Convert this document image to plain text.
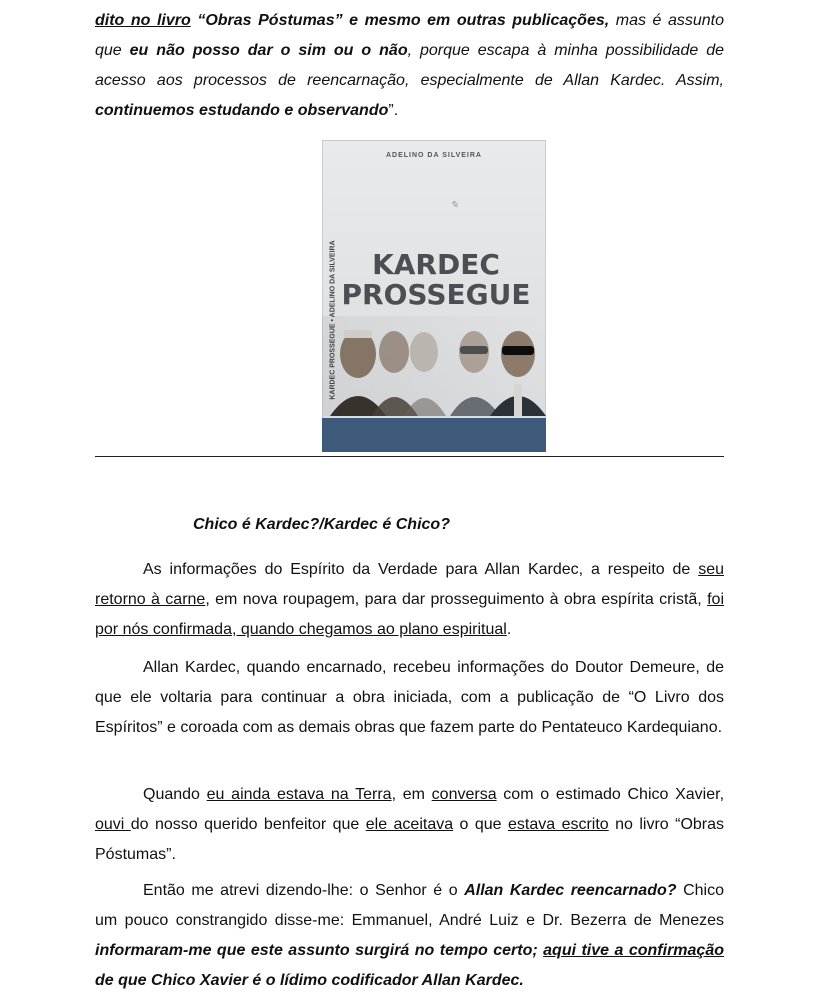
dito no livro “Obras Póstumas” e mesmo em outras publicações, mas é assunto que eu não posso dar o sim ou o não, porque escapa à minha possibilidade de acesso aos processos de reencarnação, especialmente de Allan Kardec. Assim, continuemos estudando e observando”.

ADELINO DA SILVEIRA
✎
KARDEC
PROSSEGUE

Chico é Kardec?/Kardec é Chico?

As informações do Espírito da Verdade para Allan Kardec, a respeito de seu retorno à carne, em nova roupagem, para dar prosseguimento à obra espírita cristã, foi por nós confirmada, quando chegamos ao plano espiritual.

Allan Kardec, quando encarnado, recebeu informações do Doutor Demeure, de que ele voltaria para continuar a obra iniciada, com a publicação de “O Livro dos Espíritos” e coroada com as demais obras que fazem parte do Pentateuco Kardequiano.

Quando eu ainda estava na Terra, em conversa com o estimado Chico Xavier, ouvi do nosso querido benfeitor que ele aceitava o que estava escrito no livro “Obras Póstumas”.

Então me atrevi dizendo-lhe: o Senhor é o Allan Kardec reencarnado? Chico um pouco constrangido disse-me: Emmanuel, André Luiz e Dr. Bezerra de Menezes informaram-me que este assunto surgirá no tempo certo; aqui tive a confirmação de que Chico Xavier é o lídimo codificador Allan Kardec.
